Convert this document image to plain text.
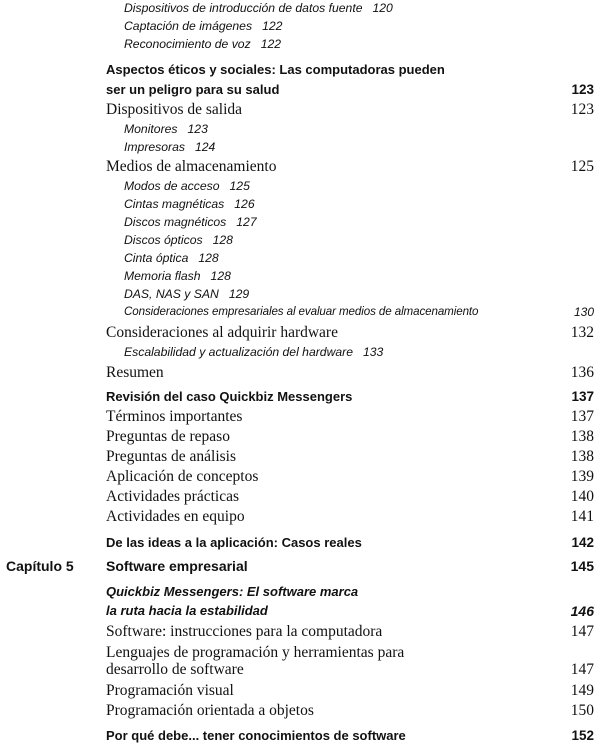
Dispositivos de introducción de datos fuente 120
Captación de imágenes 122
Reconocimiento de voz 122
Aspectos éticos y sociales: Las computadoras pueden
ser un peligro para su salud	123
Dispositivos de salida	123
Monitores 123
Impresoras 124
Medios de almacenamiento	125
Modos de acceso 125
Cintas magnéticas 126
Discos magnéticos 127
Discos ópticos 128
Cinta óptica 128
Memoria flash 128
DAS, NAS y SAN 129
Consideraciones empresariales al evaluar medios de almacenamiento	130
Consideraciones al adquirir hardware	132
Escalabilidad y actualización del hardware 133
Resumen	136
Revisión del caso Quickbiz Messengers	137
Términos importantes	137
Preguntas de repaso	138
Preguntas de análisis	138
Aplicación de conceptos	139
Actividades prácticas	140
Actividades en equipo	141
De las ideas a la aplicación: Casos reales	142
Capítulo 5 Software empresarial	145
Quickbiz Messengers: El software marca
la ruta hacia la estabilidad	146
Software: instrucciones para la computadora	147
Lenguajes de programación y herramientas para
desarrollo de software	147
Programación visual	149
Programación orientada a objetos	150
Por qué debe... tener conocimientos de software	152
